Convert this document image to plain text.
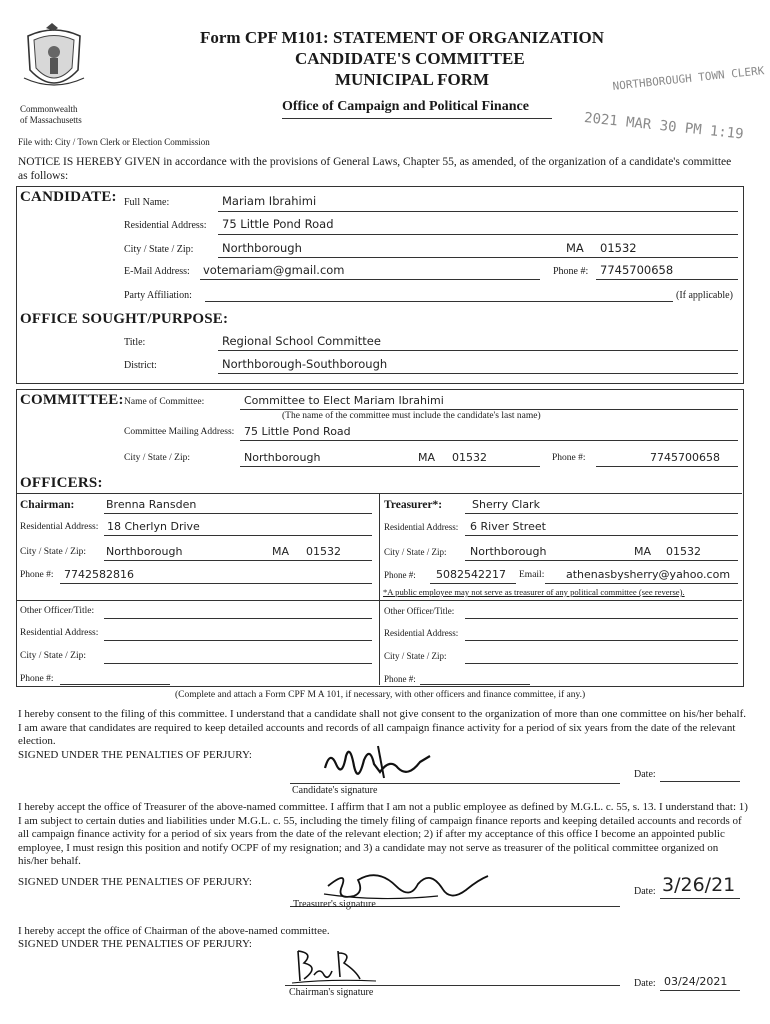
Commonwealth
of Massachusetts
Form CPF M101: STATEMENT OF ORGANIZATION
CANDIDATE'S COMMITTEE
MUNICIPAL FORM
Office of Campaign and Political Finance
NORTHBOROUGH TOWN CLERK
2021 MAR 30 PM 1:19
File with: City / Town Clerk or Election Commission
NOTICE IS HEREBY GIVEN in accordance with the provisions of General Laws, Chapter 55, as amended, of the organization of a candidate's committee as follows:
CANDIDATE: Full Name:	Mariam Ibrahimi
Residential Address: 75 Little Pond Road
City / State / Zip: Northborough	MA 01532
E-Mail Address: votemariam@gmail.com	Phone #: 7745700658
Party Affiliation:	(If applicable)
OFFICE SOUGHT/PURPOSE:
Title:	Regional School Committee
District:	Northborough-Southborough
COMMITTEE: Name of Committee:	Committee to Elect Mariam Ibrahimi
(The name of the committee must include the candidate's last name)
Committee Mailing Address: 75 Little Pond Road
City / State / Zip:	Northborough	MA 01532	Phone #:	7745700658
OFFICERS:
Chairman:	Brenna Ransden
Residential Address: 18 Cherlyn Drive
City / State / Zip: Northborough	MA 01532
Phone #: 7742582816
Other Officer/Title:
Residential Address:
City / State / Zip:
Phone #:
Treasurer*:	Sherry Clark
Residential Address: 6 River Street
City / State / Zip: Northborough	MA 01532
Phone #: 5082542217 Email: athenasbysherry@yahoo.com
*A public employee may not serve as treasurer of any political committee (see reverse).
Other Officer/Title:
Residential Address:
City / State / Zip:
Phone #:
(Complete and attach a Form CPF M A 101, if necessary, with other officers and finance committee, if any.)
I hereby consent to the filing of this committee. I understand that a candidate shall not give consent to the organization of more than one committee on his/her behalf. I am aware that candidates are required to keep detailed accounts and records of all campaign finance activity for a period of six years from the date of the relevant election.
SIGNED UNDER THE PENALTIES OF PERJURY:
Candidate's signature
Date:
I hereby accept the office of Treasurer of the above-named committee. I affirm that I am not a public employee as defined by M.G.L. c. 55, s. 13. I understand that: 1) I am subject to certain duties and liabilities under M.G.L. c. 55, including the timely filing of campaign finance reports and keeping detailed accounts and records of all campaign finance activity for a period of six years from the date of the relevant election; 2) if after my acceptance of this office I become an appointed public employee, I must resign this position and notify OCPF of my resignation; and 3) a candidate may not serve as treasurer of the political committee organized on his/her behalf.
SIGNED UNDER THE PENALTIES OF PERJURY:
Treasurer's signature
Date: 3/26/21
I hereby accept the office of Chairman of the above-named committee.
SIGNED UNDER THE PENALTIES OF PERJURY:
Chairman's signature
Date: 03/24/2021
